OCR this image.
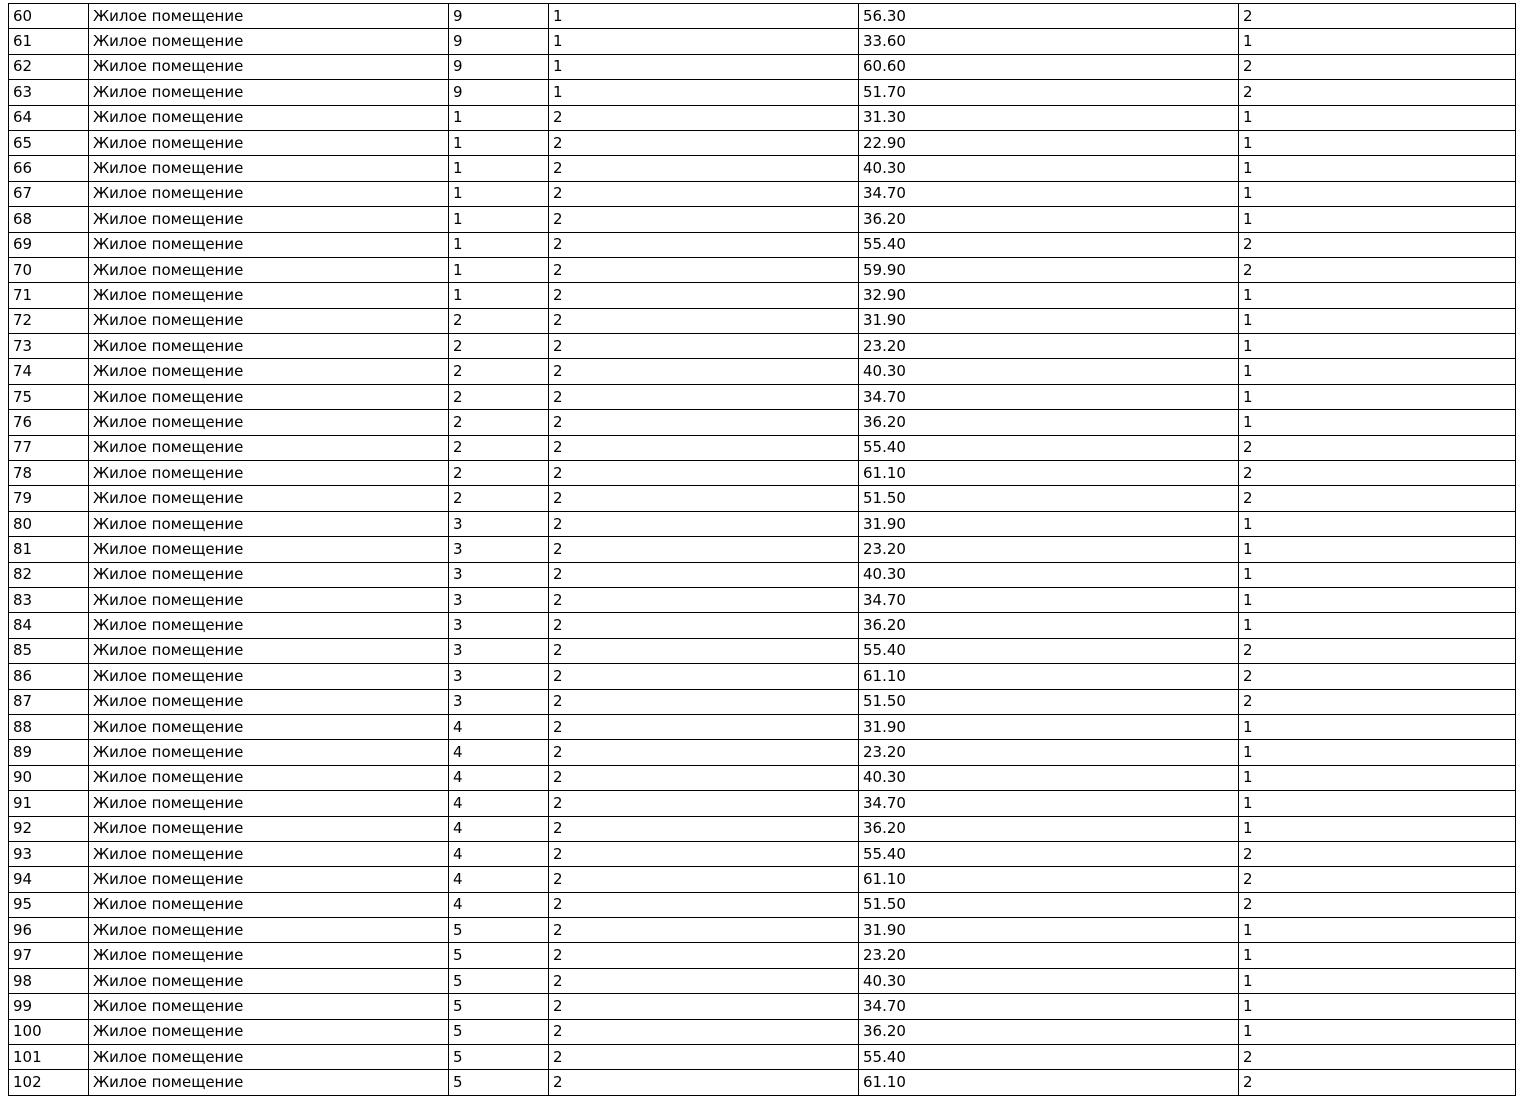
60	Жилое помещение	9	1	56.30	2
61	Жилое помещение	9	1	33.60	1
62	Жилое помещение	9	1	60.60	2
63	Жилое помещение	9	1	51.70	2
64	Жилое помещение	1	2	31.30	1
65	Жилое помещение	1	2	22.90	1
66	Жилое помещение	1	2	40.30	1
67	Жилое помещение	1	2	34.70	1
68	Жилое помещение	1	2	36.20	1
69	Жилое помещение	1	2	55.40	2
70	Жилое помещение	1	2	59.90	2
71	Жилое помещение	1	2	32.90	1
72	Жилое помещение	2	2	31.90	1
73	Жилое помещение	2	2	23.20	1
74	Жилое помещение	2	2	40.30	1
75	Жилое помещение	2	2	34.70	1
76	Жилое помещение	2	2	36.20	1
77	Жилое помещение	2	2	55.40	2
78	Жилое помещение	2	2	61.10	2
79	Жилое помещение	2	2	51.50	2
80	Жилое помещение	3	2	31.90	1
81	Жилое помещение	3	2	23.20	1
82	Жилое помещение	3	2	40.30	1
83	Жилое помещение	3	2	34.70	1
84	Жилое помещение	3	2	36.20	1
85	Жилое помещение	3	2	55.40	2
86	Жилое помещение	3	2	61.10	2
87	Жилое помещение	3	2	51.50	2
88	Жилое помещение	4	2	31.90	1
89	Жилое помещение	4	2	23.20	1
90	Жилое помещение	4	2	40.30	1
91	Жилое помещение	4	2	34.70	1
92	Жилое помещение	4	2	36.20	1
93	Жилое помещение	4	2	55.40	2
94	Жилое помещение	4	2	61.10	2
95	Жилое помещение	4	2	51.50	2
96	Жилое помещение	5	2	31.90	1
97	Жилое помещение	5	2	23.20	1
98	Жилое помещение	5	2	40.30	1
99	Жилое помещение	5	2	34.70	1
100	Жилое помещение	5	2	36.20	1
101	Жилое помещение	5	2	55.40	2
102	Жилое помещение	5	2	61.10	2
